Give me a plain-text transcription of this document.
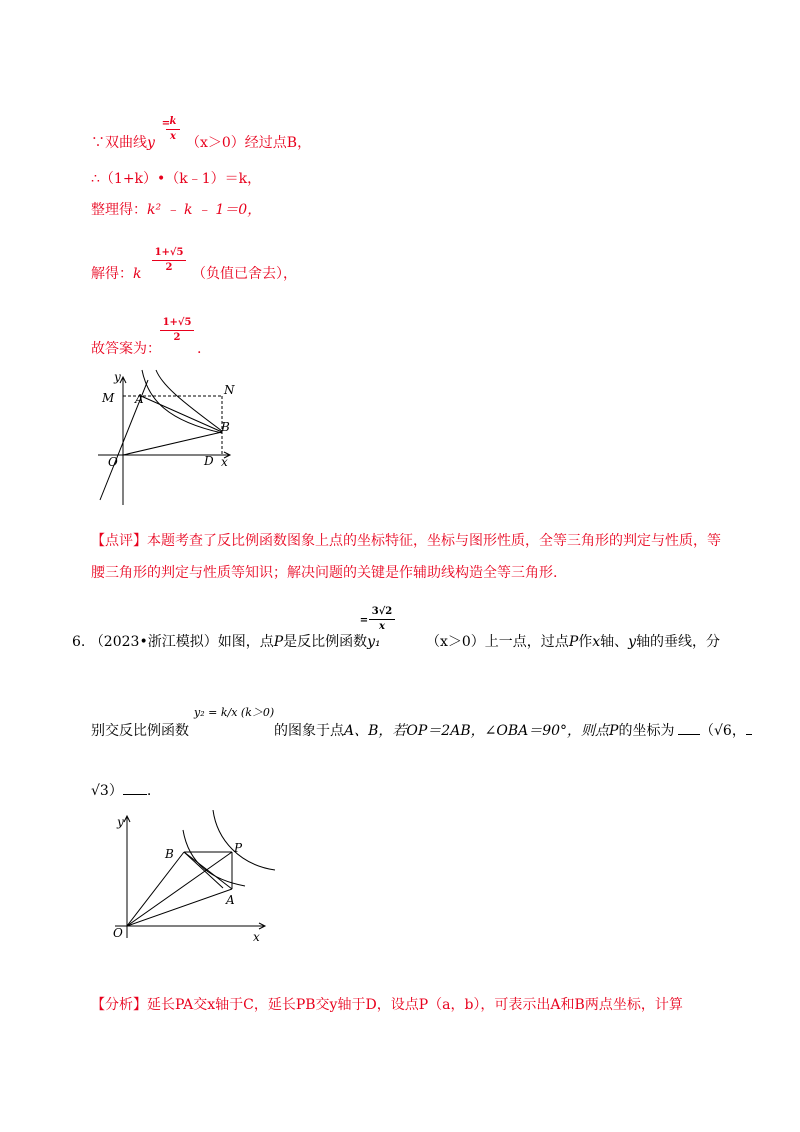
∵双曲线y
= k
x （x＞0）经过点B，
∴（1+k）•（k﹣1）＝k，
整理得：k² ﹣ k ﹣ 1＝0，
解得：k
1+√5
2	（负值已舍去），
故答案为：
1+√5
2
.
y
M A
N
B
O	D x
【点评】本题考查了反比例函数图象上点的坐标特征，坐标与图形性质，全等三角形的判定与性质，等
腰三角形的判定与性质等知识；解决问题的关键是作辅助线构造全等三角形.
6. （2023•浙江模拟）如图，点P是反比例函数y₁
=
3√2
x
（x＞0）上一点，过点P作x轴、y轴的垂线，分
别交反比例函数
y₂ = k/x (k＞0)
的图象于点A、B，若OP＝2AB，∠OBA＝90°，则点P的坐标为	（√6，
√3） .
y
B	P
A
O	x
【分析】延长PA交x轴于C，延长PB交y轴于D，设点P（a，b），可表示出A和B两点坐标，计算
